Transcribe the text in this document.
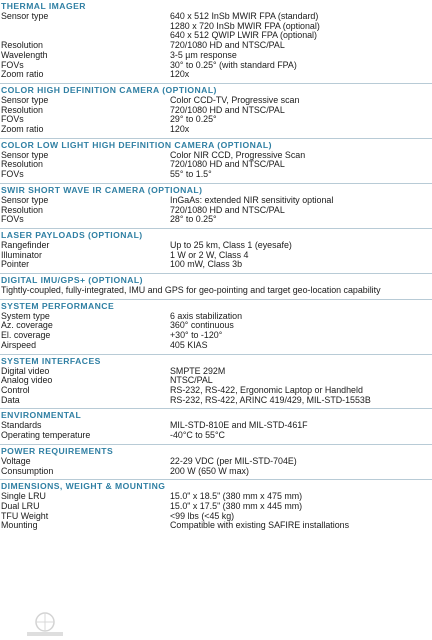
THERMAL IMAGER
Sensor type	640 x 512 InSb MWIR FPA (standard)
1280 x 720 InSb MWIR FPA (optional)
640 x 512 QWIP LWIR FPA (optional)
Resolution	720/1080 HD and NTSC/PAL
Wavelength	3-5 µm response
FOVs	30° to 0.25° (with standard FPA)
Zoom ratio	120x
COLOR HIGH DEFINITION CAMERA (OPTIONAL)
Sensor type	Color CCD-TV, Progressive scan
Resolution	720/1080 HD and NTSC/PAL
FOVs	29° to 0.25°
Zoom ratio	120x
COLOR LOW LIGHT HIGH DEFINITION CAMERA (OPTIONAL)
Sensor type	Color NIR CCD, Progressive Scan
Resolution	720/1080 HD and NTSC/PAL
FOVs	55° to 1.5°
SWIR SHORT WAVE IR CAMERA (OPTIONAL)
Sensor type	InGaAs: extended NIR sensitivity optional
Resolution	720/1080 HD and NTSC/PAL
FOVs	28° to 0.25°
LASER PAYLOADS (OPTIONAL)
Rangefinder	Up to 25 km, Class 1 (eyesafe)
Illuminator	1 W or 2 W, Class 4
Pointer	100 mW, Class 3b
DIGITAL IMU/GPS+ (OPTIONAL)
Tightly-coupled, fully-integrated, IMU and GPS for geo-pointing and target geo-location capability
SYSTEM PERFORMANCE
System type	6 axis stabilization
Az. coverage	360° continuous
El. coverage	+30° to -120°
Airspeed	405 KIAS
SYSTEM INTERFACES
Digital video	SMPTE 292M
Analog video	NTSC/PAL
Control	RS-232, RS-422, Ergonomic Laptop or Handheld
Data	RS-232, RS-422, ARINC 419/429, MIL-STD-1553B
ENVIRONMENTAL
Standards	MIL-STD-810E and MIL-STD-461F
Operating temperature	-40°C to 55°C
POWER REQUIREMENTS
Voltage	22-29 VDC (per MIL-STD-704E)
Consumption	200 W (650 W max)
DIMENSIONS, WEIGHT & MOUNTING
Single LRU	15.0" x 18.5" (380 mm x 475 mm)
Dual LRU	15.0" x 17.5" (380 mm x 445 mm)
TFU Weight	<99 lbs (<45 kg)
Mounting	Compatible with existing SAFIRE installations
